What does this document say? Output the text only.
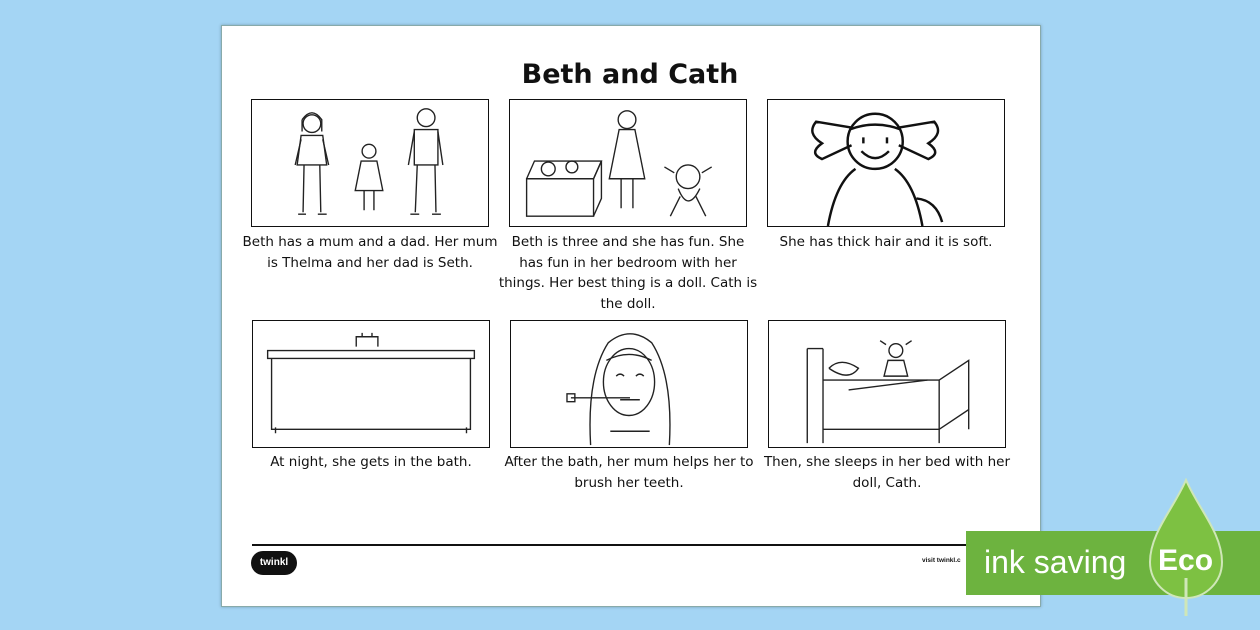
Beth and Cath
Beth has a mum and a dad. Her mum is Thelma and her dad is Seth.
Beth is three and she has fun. She has fun in her bedroom with her things. Her best thing is a doll. Cath is the doll.
She has thick hair and it is soft.
At night, she gets in the bath.	After the bath, her mum helps her to brush her teeth.
Then, she sleeps in her bed with her doll, Cath.
twinkl	visit twinkl.c ink saving Eco
